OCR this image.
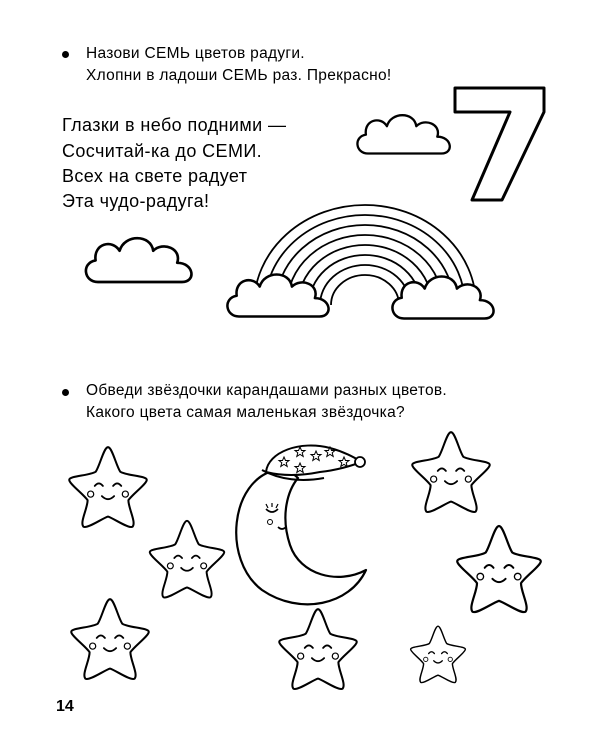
Назови СЕМЬ цветов радуги.
Хлопни в ладоши СЕМЬ раз. Прекрасно!
Глазки в небо подними —
Сосчитай-ка до СЕМИ.
Всех на свете радует
Эта чудо-радуга!
Обведи звёздочки карандашами разных цветов.
Какого цвета самая маленькая звёздочка?
14
7
